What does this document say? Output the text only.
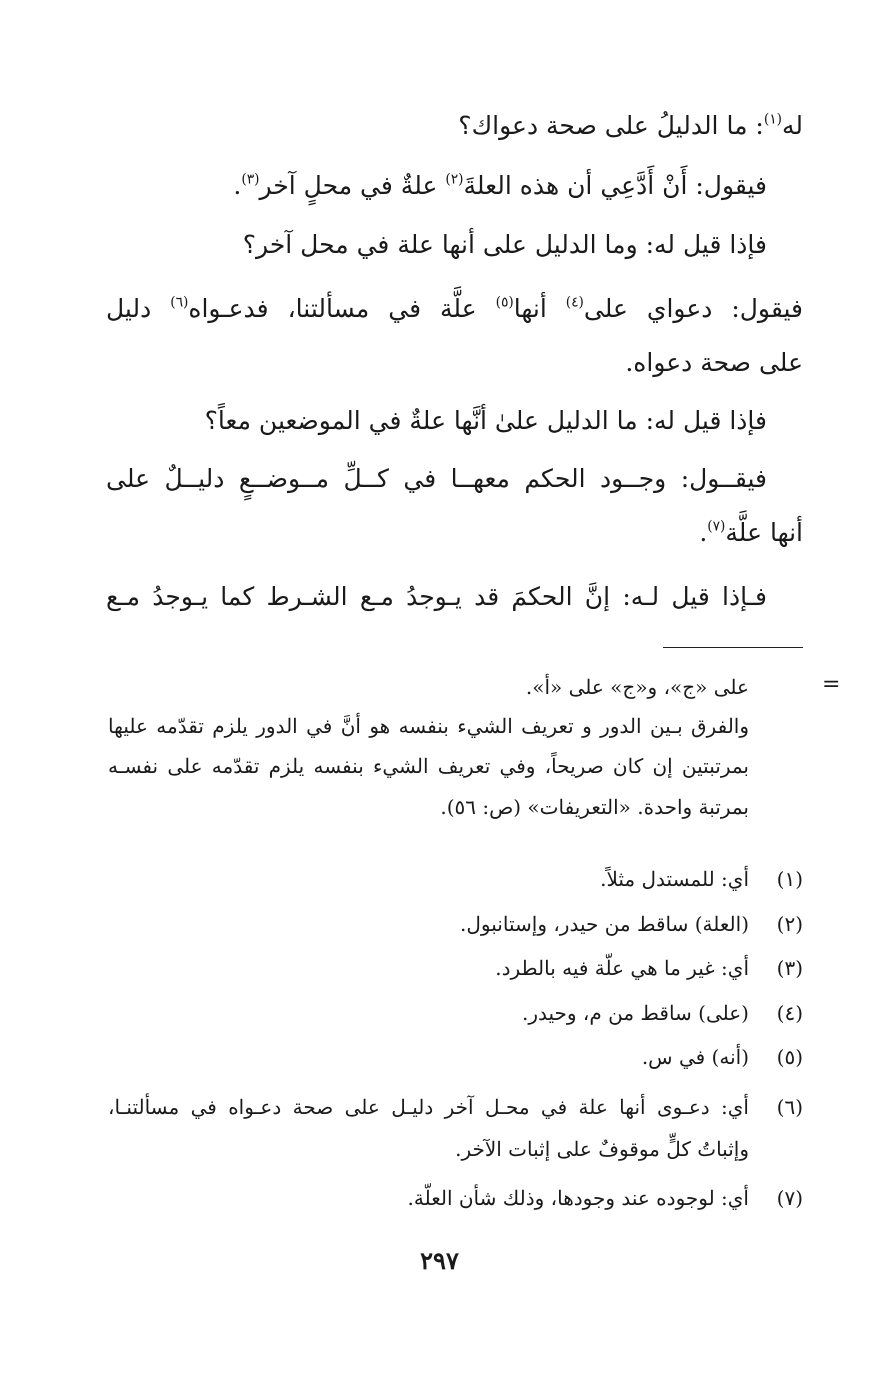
له$^{(١)}$: ما الدليلُ على صحة دعواك؟
فيقول: أَنْ أَدَّعِي أن هذه العلةَ$^{(٢)}$ علةٌ في محلٍ آخر$^{(٣)}$.
فإذا قيل له: وما الدليل على أنها علة في محل آخر؟
فيقول: دعواي على$^{(٤)}$ أنها$^{(٥)}$ علَّة في مسألتنا، فدعـواه$^{(٦)}$ دليل
على صحة دعواه.
فإذا قيل له: ما الدليل علىٰ أنَّها علةٌ في الموضعين معاً؟
فيقــول: وجــود الحكم معهــا في كــلِّ مــوضــعٍ دليــلٌ على
أنها علَّة$^{(٧)}$.
فـإذا قيل لـه: إنَّ الحكمَ قد يـوجدُ مـع الشـرط كما يـوجدُ مـع
=
على «ج»، و«ج» على «أ».
والفرق بـين الدور و تعريف الشيء بنفسه هو أنَّ في الدور يلزم تقدّمه عليها
بمرتبتين إن كان صريحاً، وفي تعريف الشيء بنفسه يلزم تقدّمه على نفسـه
بمرتبة واحدة. «التعريفات» (ص: ٥٦).
(١)
أي: للمستدل مثلاً.
(٢)
(العلة) ساقط من حيدر، وإستانبول.
(٣)
أي: غير ما هي علّة فيه بالطرد.
(٤)
(على) ساقط من م، وحيدر.
(٥)
(أنه) في س.
(٦)
أي: دعـوى أنها علة في محـل آخر دليـل على صحة دعـواه في مسألتنـا،
وإثباتُ كلٍّ موقوفٌ على إثبات الآخر.
(٧)
أي: لوجوده عند وجودها، وذلك شأن العلّة.
٢٩٧
